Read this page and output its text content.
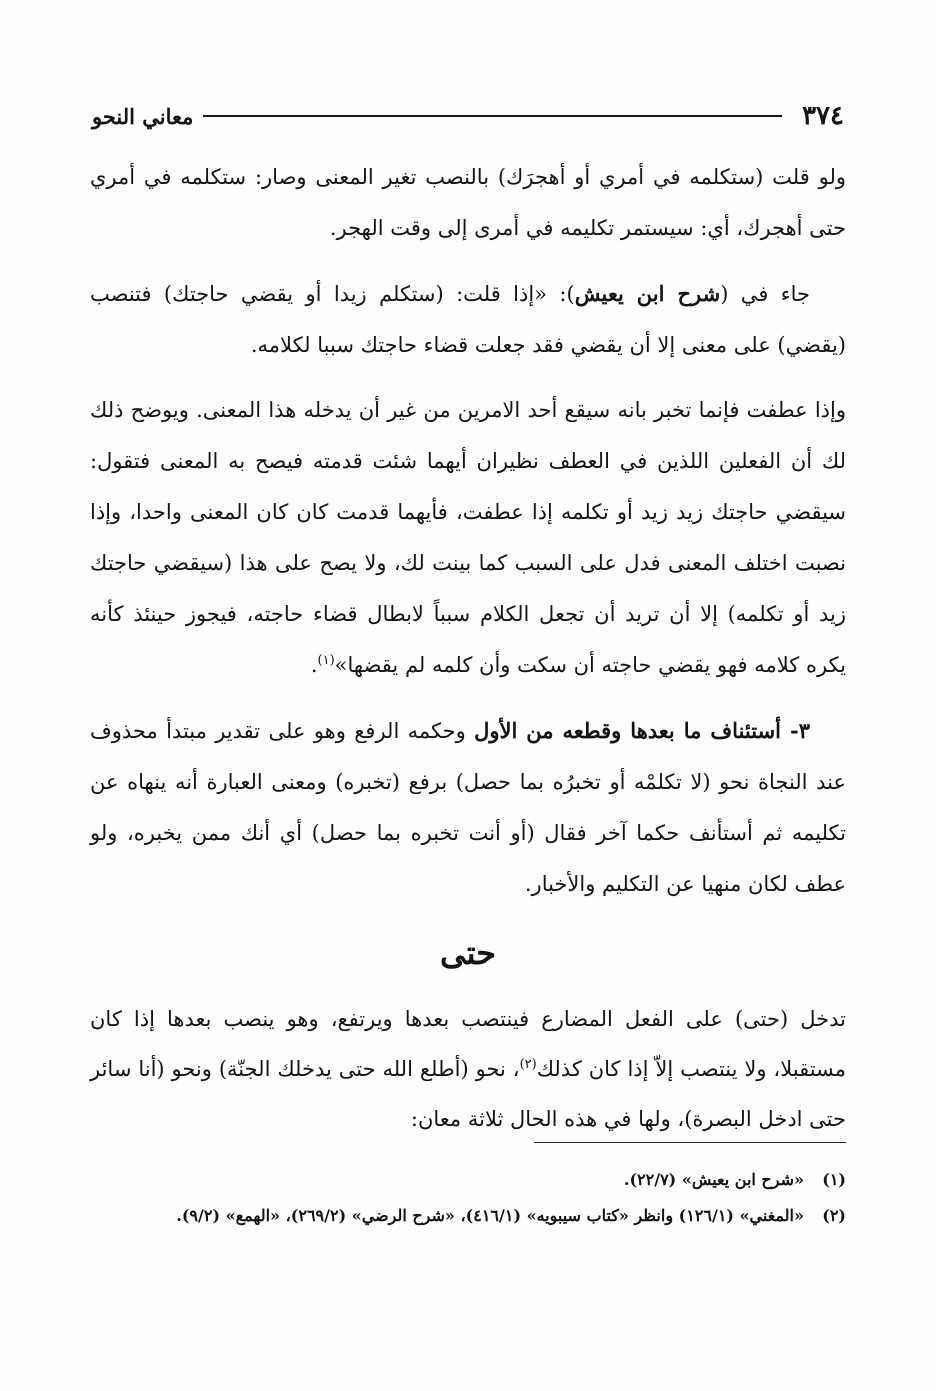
٣٧٤
معاني النحو

ولو قلت (ستكلمه في أمري أو أهجرَك) بالنصب تغير المعنى وصار: ستكلمه في أمري حتى أهجرك، أي: سيستمر تكليمه في أمرى إلى وقت الهجر.

جاء في (شرح ابن يعيش): «إذا قلت: (ستكلم زيدا أو يقضي حاجتك) فتنصب (يقضي) على معنى إلا أن يقضي فقد جعلت قضاء حاجتك سببا لكلامه.

وإذا عطفت فإنما تخبر بانه سيقع أحد الامرين من غير أن يدخله هذا المعنى. ويوضح ذلك لك أن الفعلين اللذين في العطف نظيران أيهما شئت قدمته فيصح به المعنى فتقول: سيقضي حاجتك زيد زيد أو تكلمه إذا عطفت، فأيهما قدمت كان كان المعنى واحدا، وإذا نصبت اختلف المعنى فدل على السبب كما بينت لك، ولا يصح على هذا (سيقضي حاجتك زيد أو تكلمه) إلا أن تريد أن تجعل الكلام سبباً لابطال قضاء حاجته، فيجوز حينئذ كأنه يكره كلامه فهو يقضي حاجته أن سكت وأن كلمه لم يقضها»$^{(١)}$.

٣- أستئناف ما بعدها وقطعه من الأول وحكمه الرفع وهو على تقدير مبتدأ محذوف عند النجاة نحو (لا تكلمْه أو تخبرُه بما حصل) برفع (تخبره) ومعنى العبارة أنه ينهاه عن تكليمه ثم أستأنف حكما آخر فقال (أو أنت تخبره بما حصل) أي أنك ممن يخبره، ولو عطف لكان منهيا عن التكليم والأخبار.

حتى
تدخل (حتى) على الفعل المضارع فينتصب بعدها ويرتفع، وهو ينصب بعدها إذا كان مستقبلا، ولا ينتصب إلاّ إذا كان كذلك$^{(٢)}$، نحو (أطلع الله حتى يدخلك الجنّة) ونحو (أنا سائر حتى ادخل البصرة)، ولها في هذه الحال ثلاثة معان:
(١)
«شرح ابن يعيش» (٢٢/٧).
(٢)
«المغني» (١٢٦/١) وانظر «كتاب سيبويه» (٤١٦/١)، «شرح الرضي» (٢٦٩/٢)، «الهمع» (٩/٢).
